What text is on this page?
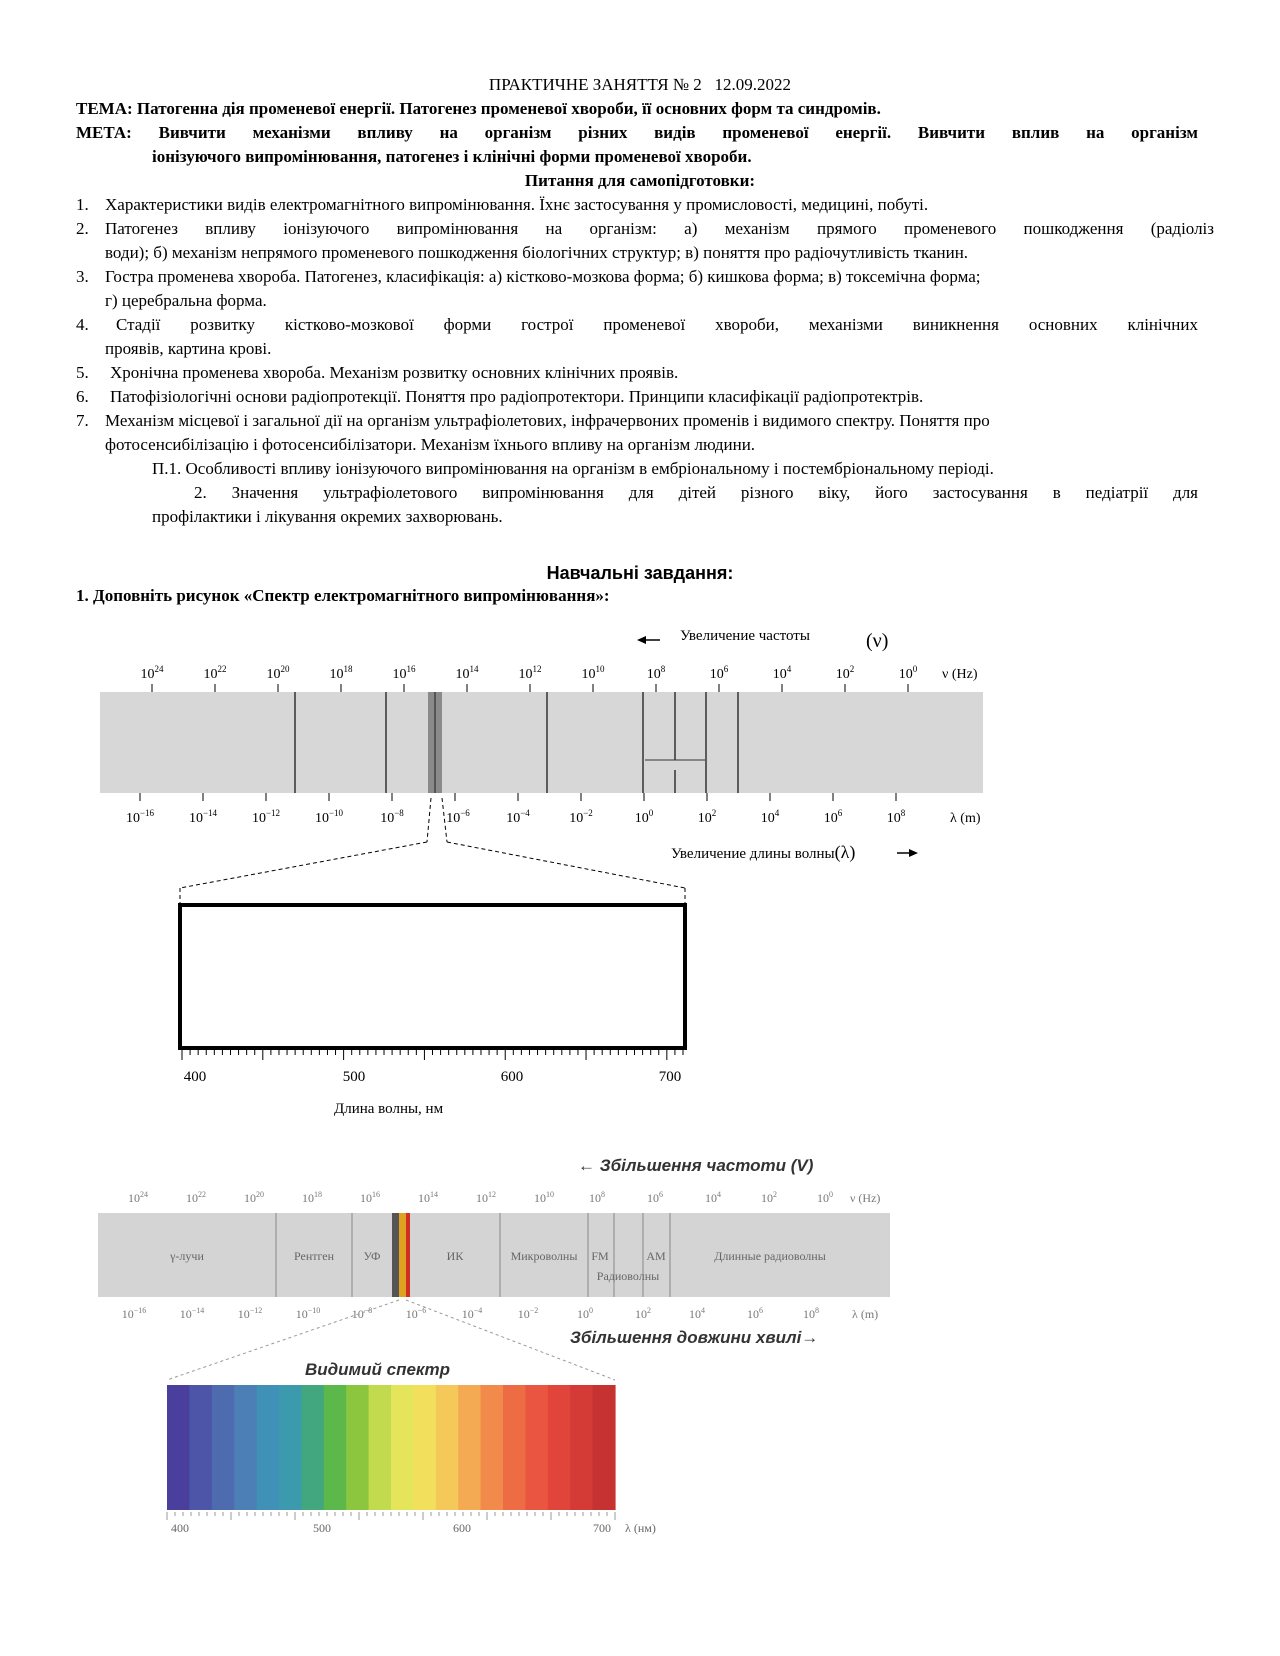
ПРАКТИЧНЕ ЗАНЯТТЯ № 2   12.09.2022
ТЕМА: Патогенна дія променевої енергії. Патогенез променевої хвороби, її основних форм та синдромів.
МЕТА: Вивчити механізми впливу на організм різних видів променевої енергії. Вивчити вплив на організм
іонізуючого випромінювання, патогенез і клінічні форми променевої хвороби.
Питання для самопідготовки:
1. Характеристики видів електромагнітного випромінювання. Їхнє застосування у промисловості, медицині, побуті.
2. Патогенез впливу іонізуючого випромінювання на організм: а) механізм прямого променевого пошкодження (радіоліз
води); б) механізм непрямого променевого пошкодження біологічних структур; в) поняття про радіочутливість тканин.
3. Гостра променева хвороба. Патогенез, класифікація: а) кістково-мозкова форма; б) кишкова форма; в) токсемічна форма;
г) церебральна форма.
4. Стадії розвитку кістково-мозкової форми гострої променевої хвороби, механізми виникнення основних клінічних
проявів, картина крові.
5. Хронічна променева хвороба. Механізм розвитку основних клінічних проявів.
6. Патофізіологічні основи радіопротекції. Поняття про радіопротектори. Принципи класифікації радіопротектрів.
7. Механізм місцевої і загальної дії на організм ультрафіолетових, інфрачервоних променів і видимого спектру. Поняття про
фотосенсибілізацію і фотосенсибілізатори. Механізм їхнього впливу на організм людини.
П.1. Особливості впливу іонізуючого випромінювання на організм в ембріональному і постембріональному періоді.
2. Значення ультрафіолетового випромінювання для дітей різного віку, його застосування в педіатрії для
профілактики і лікування окремих захворювань.
Навчальні завдання:
1. Доповніть рисунок «Спектр електромагнітного випромінювання»:
Увеличение частоты	(ν)
$10^{24}$	$10^{22}$	$10^{20}$	$10^{18}$	$10^{16}$	$10^{14}$	$10^{12}$	$10^{10}$	$10^8$	$10^6$	$10^4$	$10^2$	$10^0$ ν (Hz)
$10^{-16}$ $10^{-14}$ $10^{-12}$ $10^{-10}$	$10^{-8}$	$10^{-6}$	$10^{-4}$	$10^{-2}$	$10^0$	$10^2$	$10^4$	$10^6$	$10^8$	λ (m)
Увеличение длины волны(λ)
400	500	600	700
Длина волны, нм
← Збільшення частоти (V)
$10^{24}$	$10^{22}$	$10^{20}$	$10^{18}$	$10^{16}$	$10^{14}$	$10^{12}$	$10^{10}$	$10^8$	$10^6$	$10^4$	$10^2$	$10^0$ ν (Hz)
γ-лучи	Рентген УФ	ИК	Микроволны FM
Радиоволны
AM	Длинные радиоволны
$10^{-16}$	$10^{-14}$	$10^{-12}$	$10^{-10}$	$10^{-8}$	$10^{-6}$	$10^{-4}$	$10^{-2}$	$10^0$	$10^2$	$10^4$	$10^6$	$10^8$	λ (m)
Збільшення довжини хвилі→
Видимий спектр
400	500	600	700 λ (нм)
